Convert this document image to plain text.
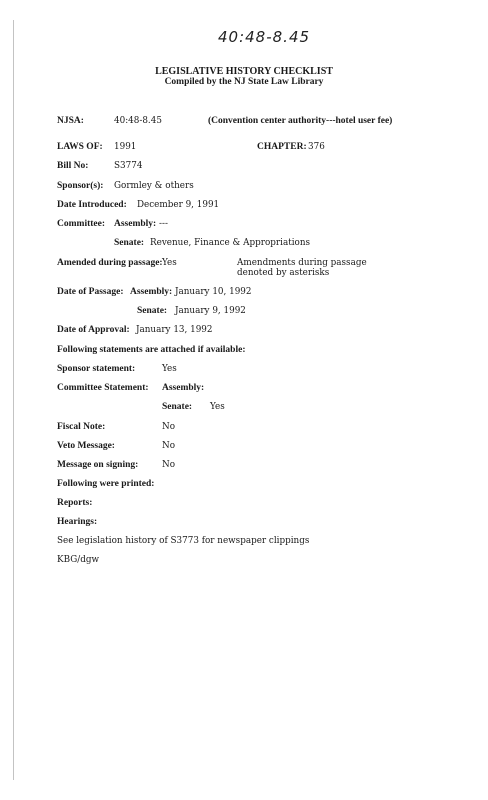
40:48-8.45
LEGISLATIVE HISTORY CHECKLIST
Compiled by the NJ State Law Library
NJSA:	40:48-8.45	(Convention center authority---hotel user fee)
LAWS OF: 1991	CHAPTER: 376
Bill No:	S3774
Sponsor(s): Gormley & others
Date Introduced: December 9, 1991
Committee: Assembly: ---
Senate: Revenue, Finance & Appropriations
Amended during passage: Yes	Amendments during passage denoted by asterisks
Date of Passage: Assembly: January 10, 1992
Senate: January 9, 1992
Date of Approval: January 13, 1992
Following statements are attached if available:
Sponsor statement:	Yes
Committee Statement: Assembly:
Senate: Yes
Fiscal Note:	No
Veto Message:	No
Message on signing:	No
Following were printed:
Reports:
Hearings:
See legislation history of S3773 for newspaper clippings
KBG/dgw
